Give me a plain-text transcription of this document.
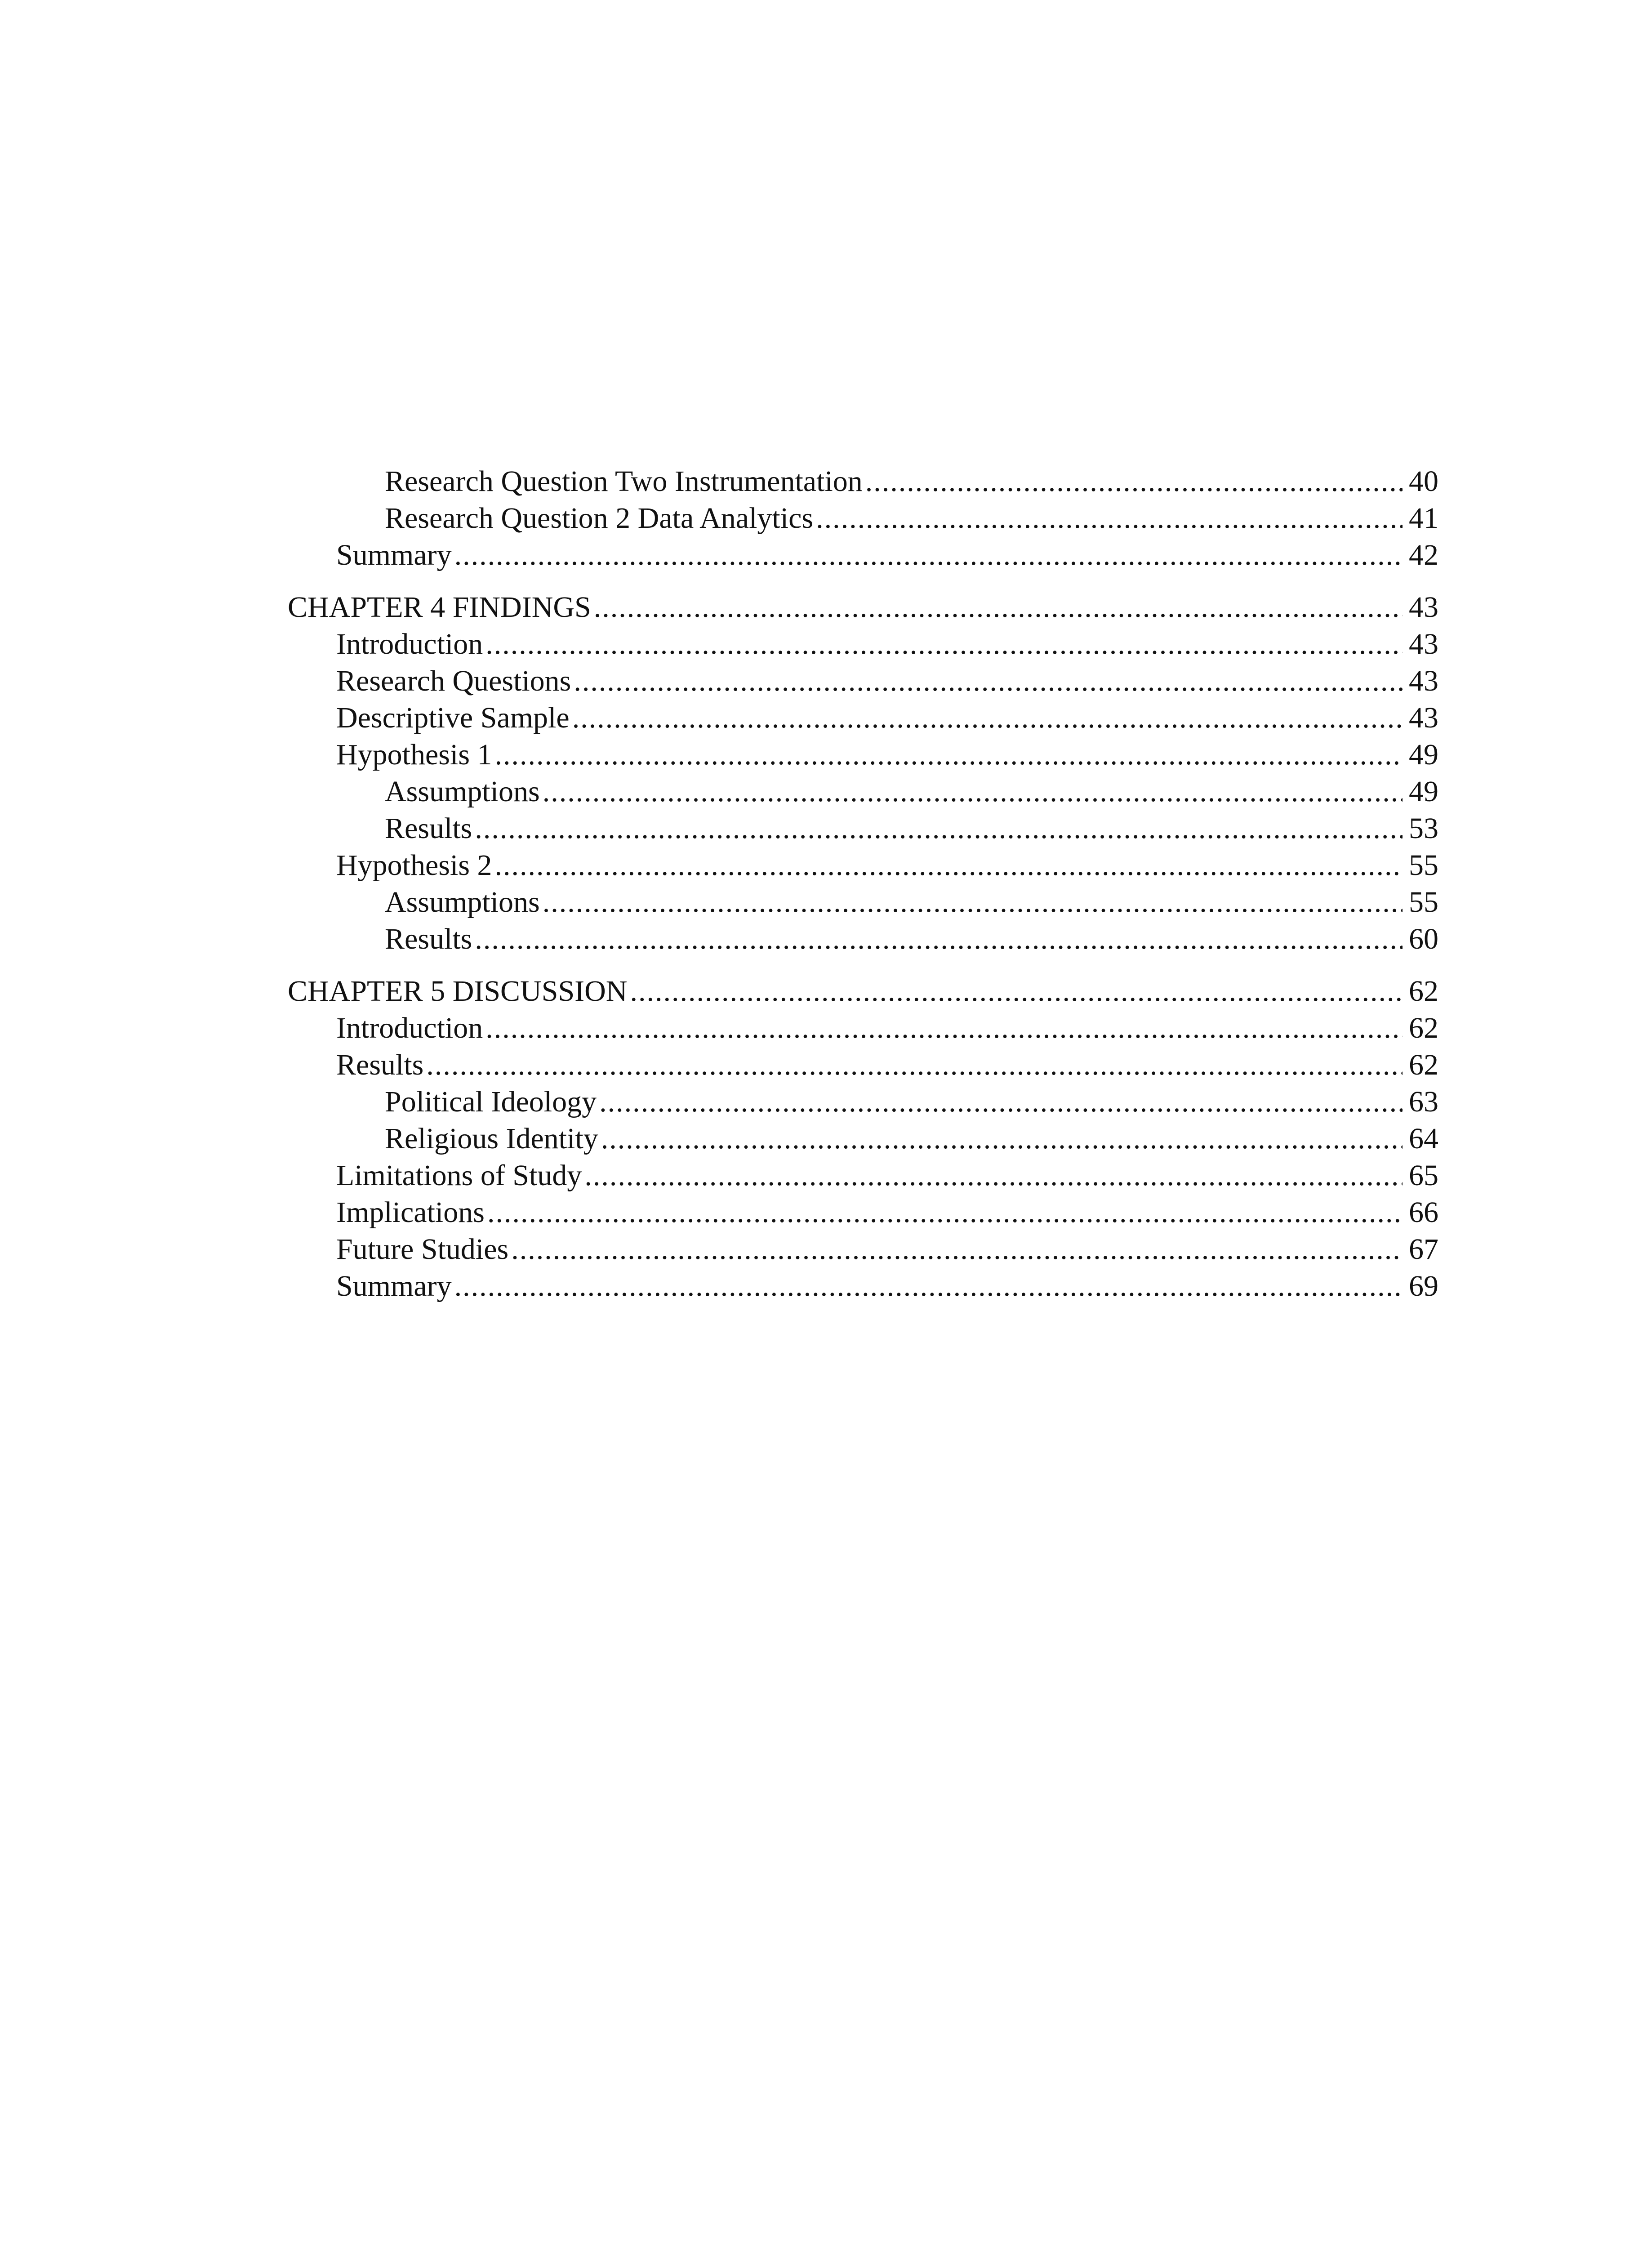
Research Question Two Instrumentation .....	40
Research Question 2 Data Analytics .....	41
Summary .....	42
CHAPTER 4 FINDINGS .....	43
Introduction .....	43
Research Questions .....	43
Descriptive Sample .....	43
Hypothesis 1 .....	49
Assumptions .....	49
Results .....	53
Hypothesis 2 .....	55
Assumptions .....	55
Results .....	60
CHAPTER 5 DISCUSSION .....	62
Introduction .....	62
Results .....	62
Political Ideology .....	63
Religious Identity .....	64
Limitations of Study .....	65
Implications .....	66
Future Studies .....	67
Summary .....	69
